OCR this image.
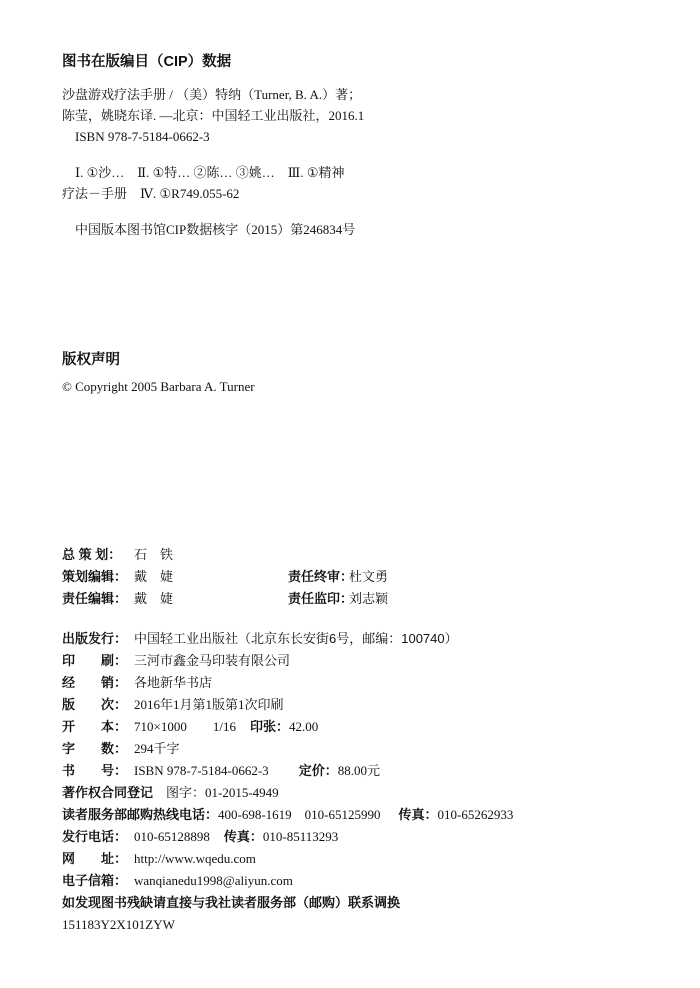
图书在版编目（CIP）数据
沙盘游戏疗法手册 / （美）特纳（Turner, B. A.）著；
陈莹，姚晓东译. —北京：中国轻工业出版社，2016.1
ISBN 978-7-5184-0662-3
Ⅰ. ①沙…　Ⅱ. ①特… ②陈… ③姚…　Ⅲ. ①精神
疗法－手册　Ⅳ. ①R749.055-62
中国版本图书馆CIP数据核字（2015）第246834号
版权声明
© Copyright 2005 Barbara A. Turner
总 策 划： 石　铁
策划编辑： 戴　婕	责任终审：
杜文勇
责任编辑： 戴　婕	责任监印：
刘志颖
出版发行： 中国轻工业出版社（北京东长安街6号，邮编：100740）
印　　刷： 三河市鑫金马印装有限公司
经　　销： 各地新华书店
版　　次： 2016年1月第1版第1次印刷
开　　本： 710×1000　　1/16 印张：42.00
字　　数： 294千字
书　　号： ISBN 978-7-5184-0662-3 定价：88.00元
著作权合同登记  图字：01-2015-4949
读者服务部邮购热线电话：400-698-1619　010-65125990 传真：010-65262933
发行电话： 010-65128898 传真：010-85113293
网　　址： http://www.wqedu.com
电子信箱： wanqianedu1998@aliyun.com
如发现图书残缺请直接与我社读者服务部（邮购）联系调换
151183Y2X101ZYW
